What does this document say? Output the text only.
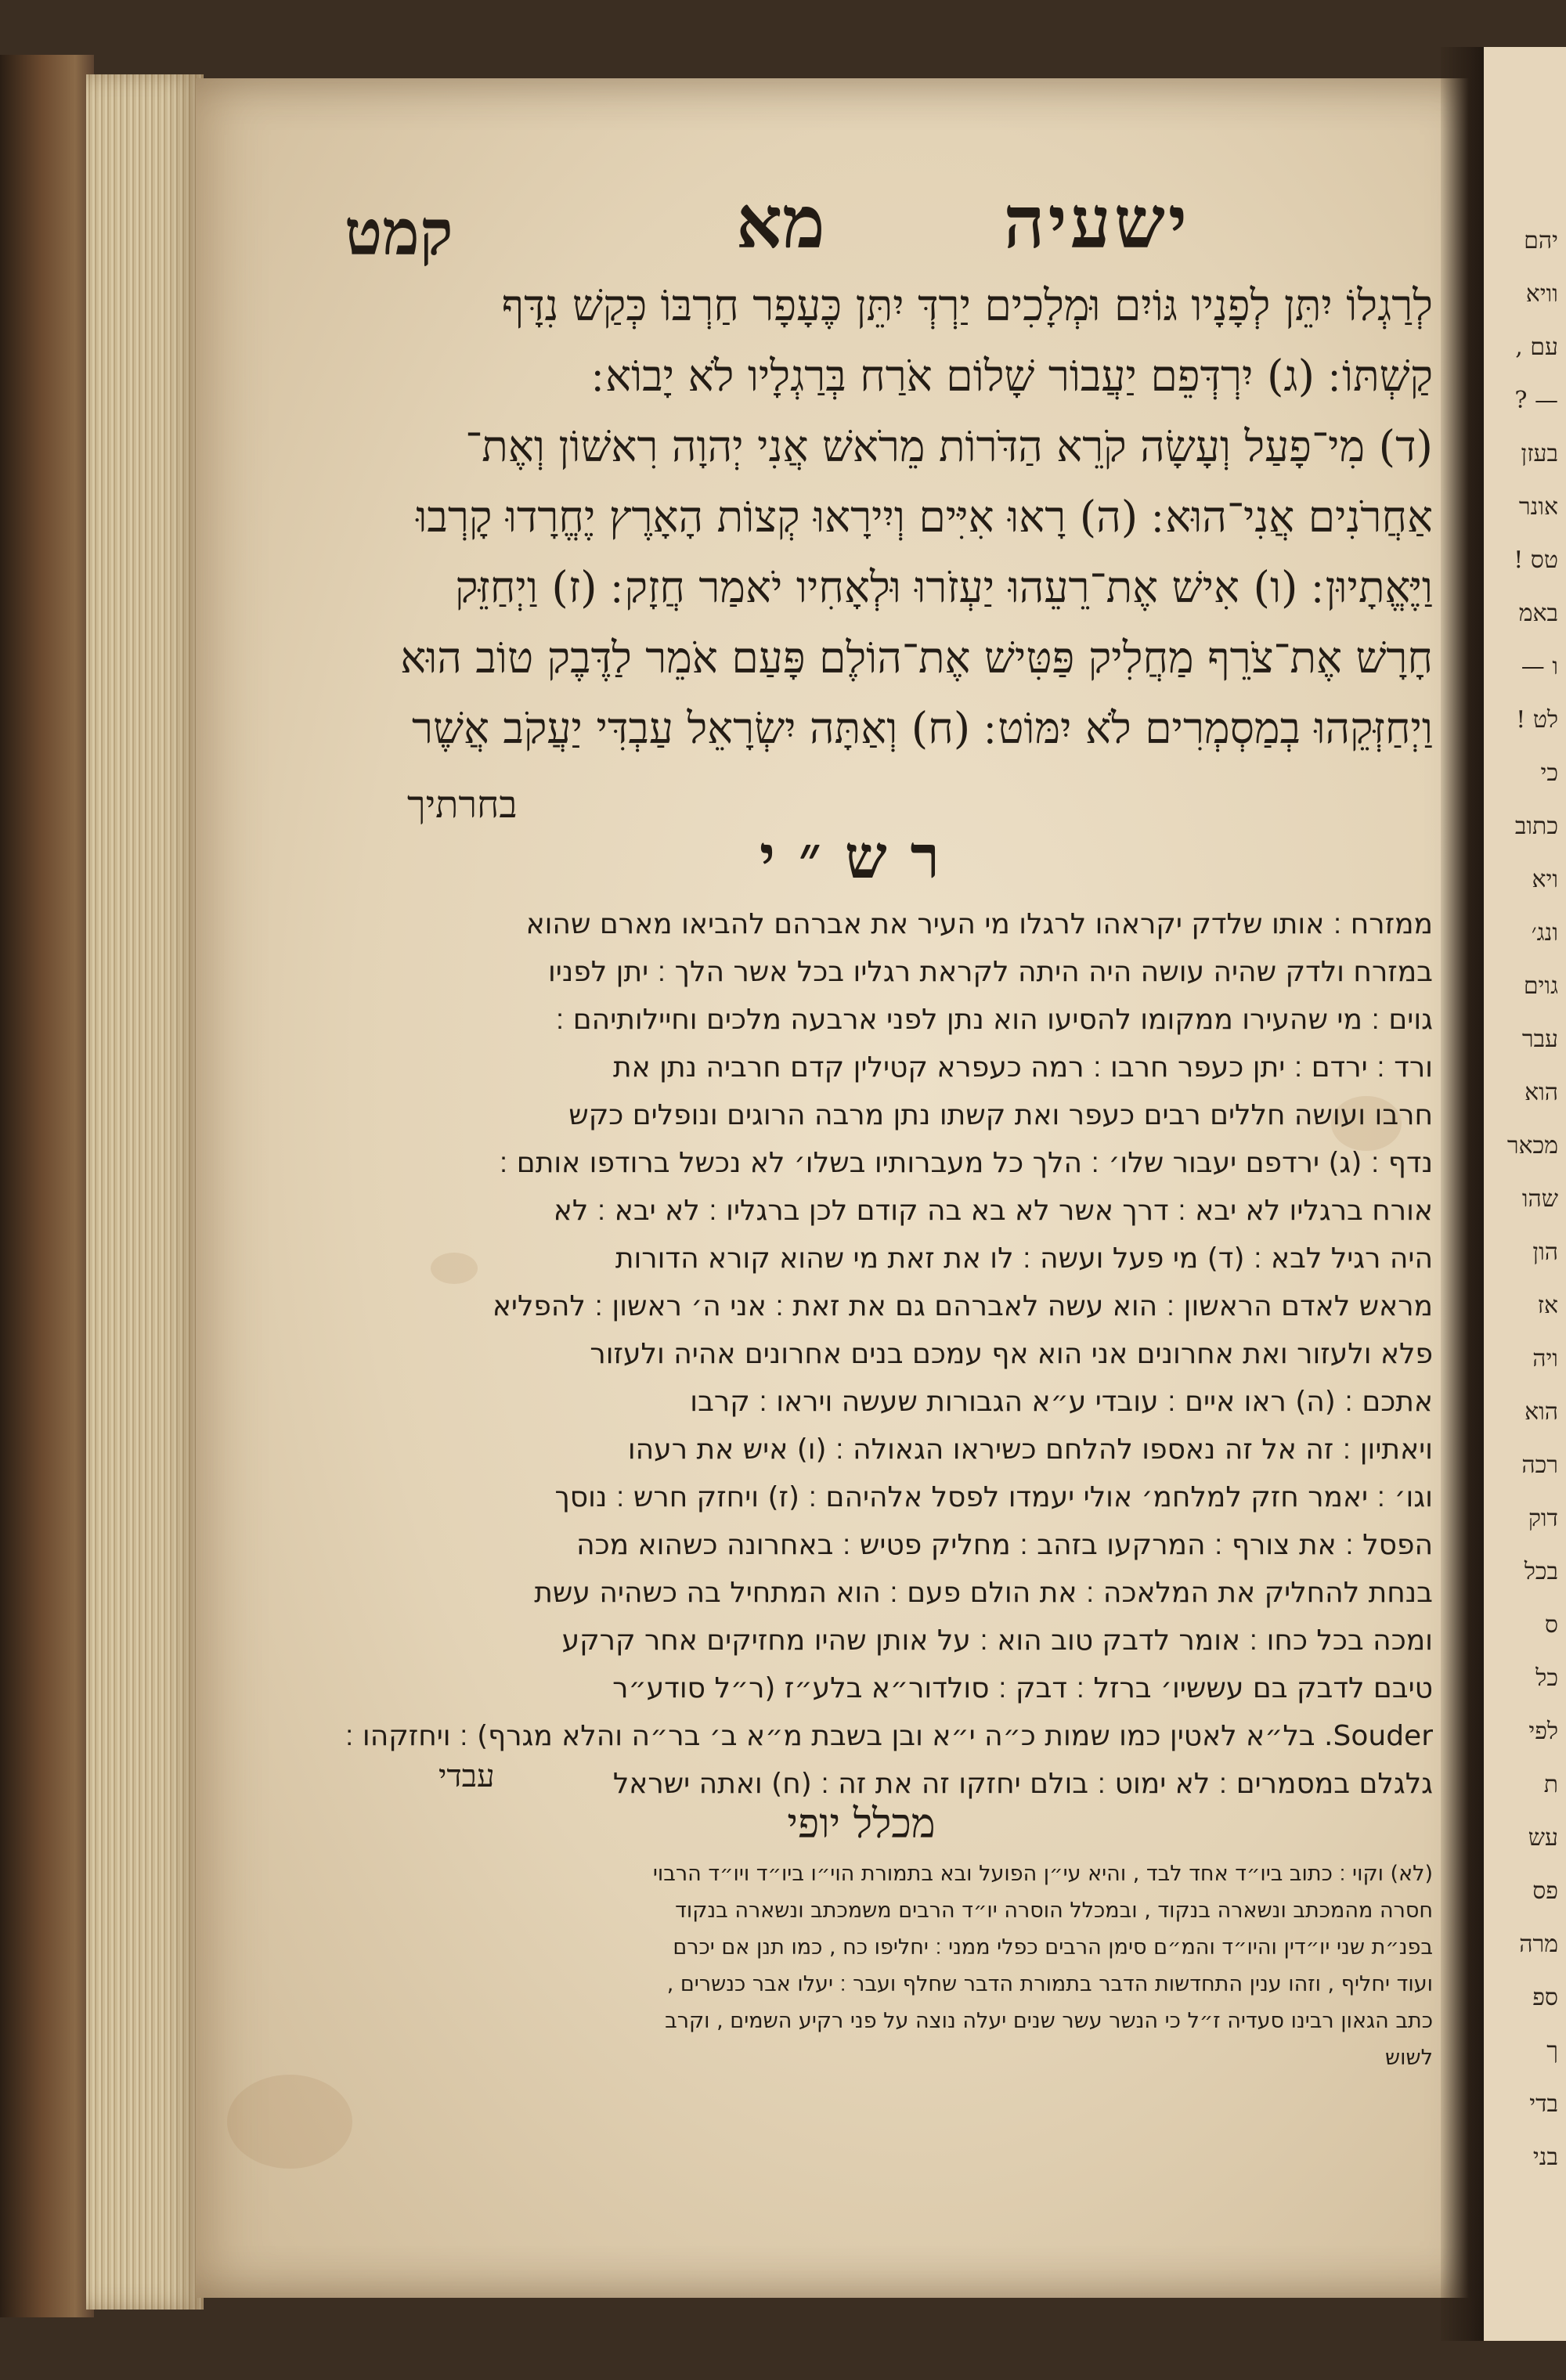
יהם
וויא
עם ,
— ?
בעזן
אונר
טס !
באמ
ו —
לט !
כי
כתוב
ויא
ונג׳
גוים
עבר
הוא
מכאר
שהו
הון
אז
ויה
הוא
רכה
דוק
בכל
ס
כל
לפי
ת
עש
פס
מרה
ספ
ך
בדי
בני
ישעיה
מא
קמט
לְרַגְלוֹ יִתֵּן לְפָנָיו גּוֹיִם וּמְלָכִים יַרְדְּ יִתֵּן כֶּעָפָר חַרְבּוֹ כְּקַשׁ נִדָּף
קַשְׁתּוֹ ׃ (ג) יִרְדְּפֵם יַעֲבוֹר שָׁלוֹם אֹרַח בְּרַגְלָיו לֹא יָבוֹא ׃
(ד) מִי־פָעַל וְעָשָׂה קֹרֵא הַדֹּרוֹת מֵרֹאשׁ אֲנִי יְהוָה רִאשׁוֹן וְאֶת־
אַחֲרֹנִים אֲנִי־הוּא ׃ (ה) רָאוּ אִיִּים וְיִירָאוּ קְצוֹת הָאָרֶץ יֶחֱרָדוּ קָרְבוּ
וַיֶּאֱתָיוּן ׃ (ו) אִישׁ אֶת־רֵעֵהוּ יַעְזֹרוּ וּלְאָחִיו יֹאמַר חֲזָק ׃ (ז) וַיְחַזֵּק
חָרָשׁ אֶת־צֹרֵף מַחֲלִיק פַּטִּישׁ אֶת־הוֹלֶם פָּעַם אֹמֵר לַדֶּבֶק טוֹב הוּא
וַיְחַזְּקֵהוּ בְמַסְמְרִים לֹא יִמּוֹט ׃ (ח) וְאַתָּה יִשְׂרָאֵל עַבְדִּי יַעֲקֹב אֲשֶׁר
בחרתיך
רש״י
ממזרח ׃ אותו שלדק יקראהו לרגלו מי העיר את אברהם להביאו מארם שהוא
במזרח ולדק שהיה עושה היה היתה לקראת רגליו בכל אשר הלך ׃ יתן לפניו
גוים ׃ מי שהעירו ממקומו להסיעו הוא נתן לפני ארבעה מלכים וחיילותיהם ׃
ורד ׃ ירדם ׃ יתן כעפר חרבו ׃ רמה כעפרא קטילין קדם חרביה נתן את
חרבו ועושה חללים רבים כעפר ואת קשתו נתן מרבה הרוגים ונופלים כקש
נדף ׃ (ג) ירדפם יעבור שלו׳ ׃ הלך כל מעברותיו בשלו׳ לא נכשל ברודפו אותם ׃
אורח ברגליו לא יבא ׃ דרך אשר לא בא בה קודם לכן ברגליו ׃ לא יבא ׃ לא
היה רגיל לבא ׃ (ד) מי פעל ועשה ׃ לו את זאת מי שהוא קורא הדורות
מראש לאדם הראשון ׃ הוא עשה לאברהם גם את זאת ׃ אני ה׳ ראשון ׃ להפליא
פלא ולעזור ואת אחרונים אני הוא אף עמכם בנים אחרונים אהיה ולעזור
אתכם ׃ (ה) ראו איים ׃ עובדי ע״א הגבורות שעשה ויראו ׃ קרבו
ויאתיון ׃ זה אל זה נאספו להלחם כשיראו הגאולה ׃ (ו) איש את רעהו
וגו׳ ׃ יאמר חזק למלחמ׳ אולי יעמדו לפסל אלהיהם ׃ (ז) ויחזק חרש ׃ נוסך
הפסל ׃ את צורף ׃ המרקעו בזהב ׃ מחליק פטיש ׃ באחרונה כשהוא מכה
בנחת להחליק את המלאכה ׃ את הולם פעם ׃ הוא המתחיל בה כשהיה עשת
ומכה בכל כחו ׃ אומר לדבק טוב הוא ׃ על אותן שהיו מחזיקים אחר קרקע
טיבם לדבק בם עששיו׳ ברזל ׃ דבק ׃ סולדור״א בלע״ז (ר״ל סודע״ר
Souder. בל״א לאטין כמו שמות כ״ה י״א ובן בשבת מ״א ב׳ בר״ה והלא מגרף) ׃ ויחזקהו ׃
גלגלם במסמרים ׃ לא ימוט ׃ בולם יחזקו זה את זה ׃ (ח) ואתה ישראל
עבדי
מכלל יופי
(לא) וקוי ׃ כתוב ביו״ד אחד לבד , והיא עי״ן הפועל ובא בתמורת הוי״ו ביו״ד ויו״ד הרבוי
חסרה מהמכתב ונשארה בנקוד , ובמכלל הוסרה יו״ד הרבים משמכתב ונשארה בנקוד
בפנ״ת שני יו״דין והיו״ד והמ״ם סימן הרבים כפלי ממני ׃ יחליפו כח , כמו תנן אם יכרם
ועוד יחליף , וזהו ענין התחדשות הדבר בתמורת הדבר שחלף ועבר ׃ יעלו אבר כנשרים ,
כתב הגאון רבינו סעדיה ז״ל כי הנשר עשר שנים יעלה נוצה על פני רקיע השמים , וקרב
לשוש
